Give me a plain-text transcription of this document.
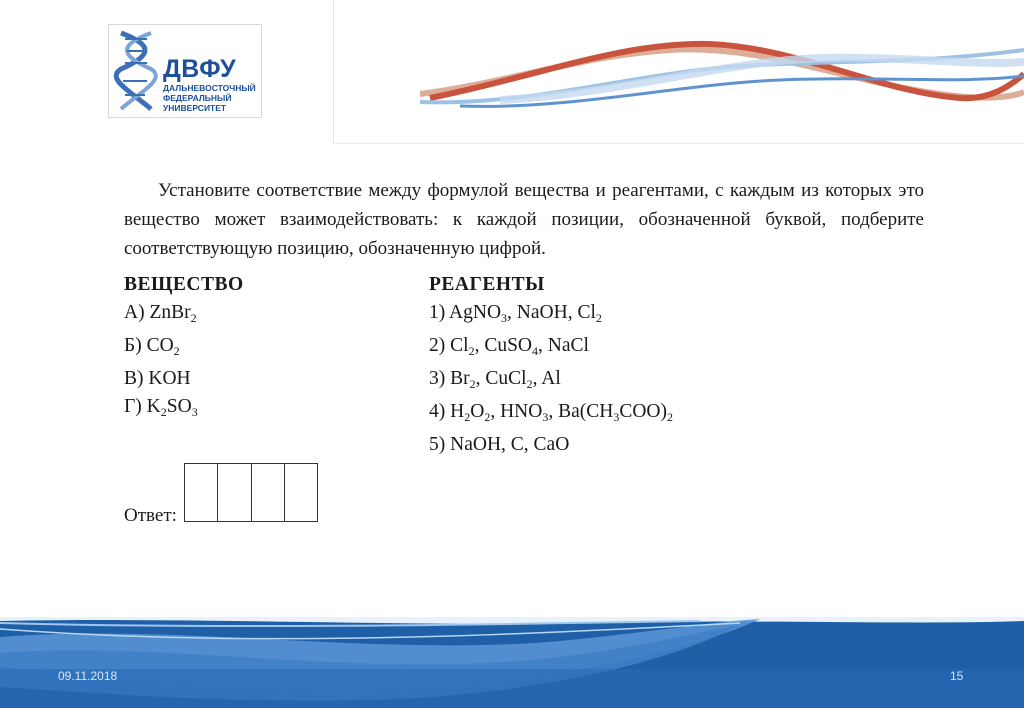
ДВФУ
ДАЛЬНЕВОСТОЧНЫЙ
ФЕДЕРАЛЬНЫЙ
УНИВЕРСИТЕТ
Установите соответствие между формулой вещества и реагентами, с каждым из которых это вещество может взаимодействовать: к каждой позиции, обозначенной буквой, подберите соответствующую позицию, обозначенную цифрой.
ВЕЩЕСТВО
А) ZnBr$_2$
Б) $CO_2$
В) KOH
Г) $K_2SO_3$
РЕАГЕНТЫ
1) AgNO$_3$, NaOH, $Cl_2$
2) $Cl_2$, CuSO$_4$, NaCl
3) $Br_2$, CuCl$_2$, Al
4) $H_2O_2$, $HNO_3$, $Ba(CH_3COO)_2$
5) NaOH, C, CaO
Ответ:
09.11.2018	15
